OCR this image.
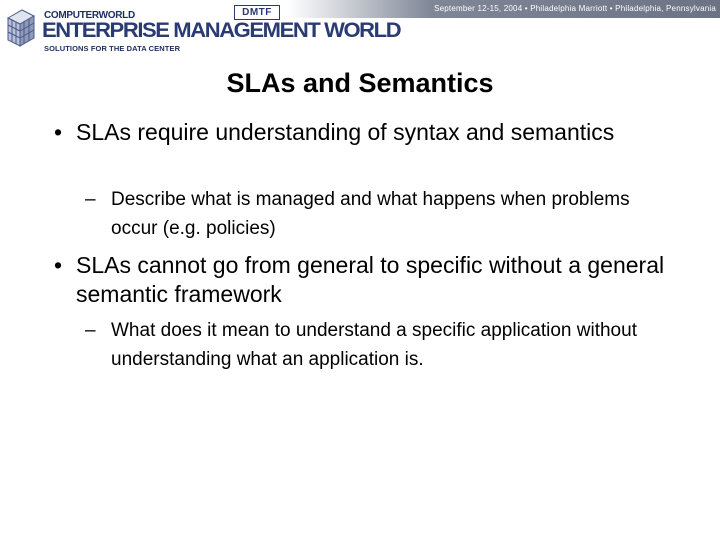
September 12-15, 2004 • Philadelphia Marriott • Philadelphia, Pennsylvania
COMPUTERWORLD	DMTF
ENTERPRISE MANAGEMENT WORLD
SOLUTIONS FOR THE DATA CENTER
SLAs and Semantics
• SLAs require understanding of syntax and semantics
– Describe what is managed and what happens when problems occur (e.g. policies)
• SLAs cannot go from general to specific without a general semantic framework
– What does it mean to understand a specific application without understanding what an application is.
